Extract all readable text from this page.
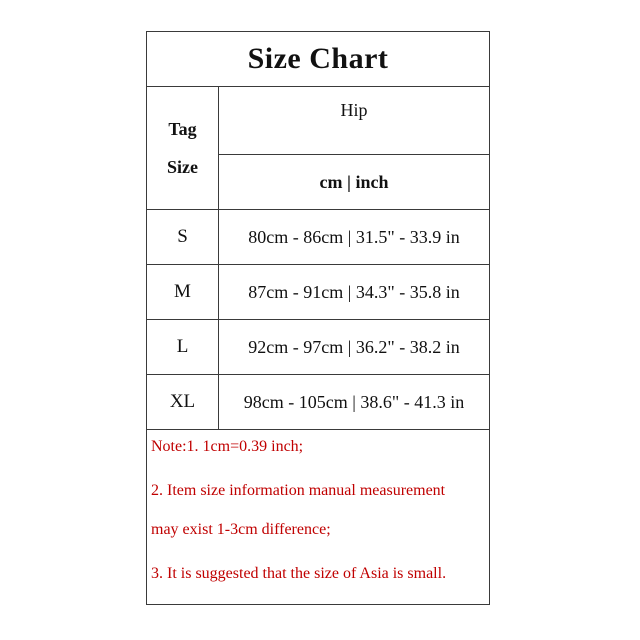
Size Chart
Tag
Size	Hip
	cm | inch
S	80cm - 86cm | 31.5" - 33.9 in
M	87cm - 91cm | 34.3" - 35.8 in
L	92cm - 97cm | 36.2" - 38.2 in
XL	98cm - 105cm | 38.6" - 41.3 in
Note:1. 1cm=0.39 inch;
2. Item size information manual measurement
may exist 1-3cm difference;
3. It is suggested that the size of Asia is small.
